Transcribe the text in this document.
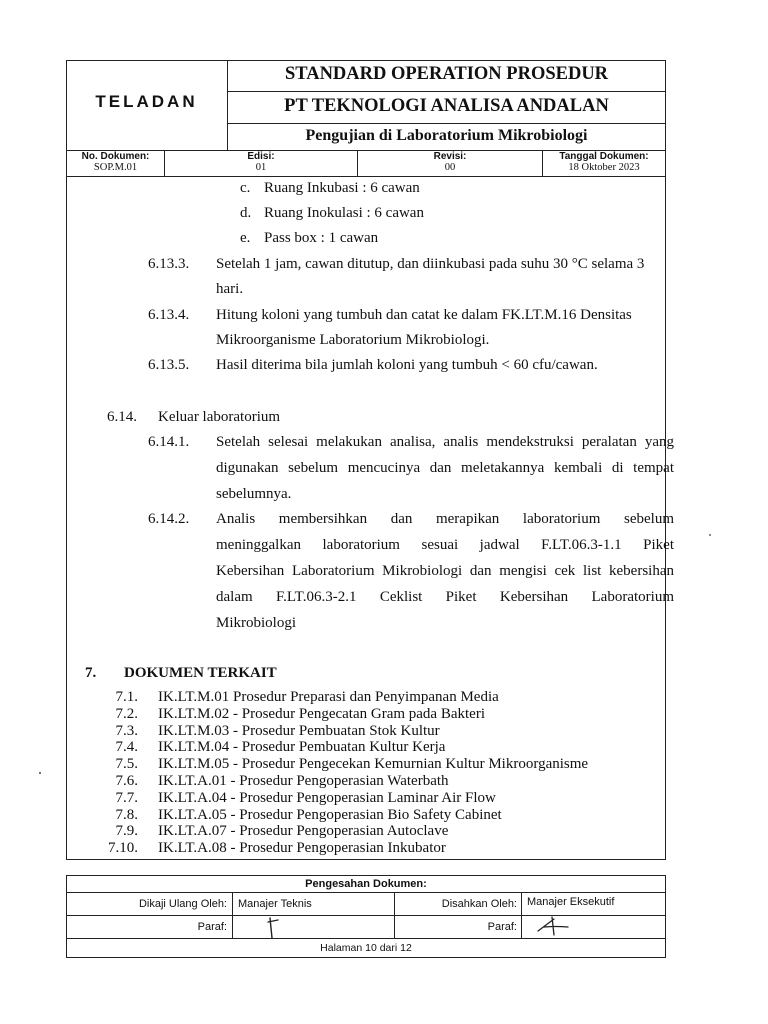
TELADAN
STANDARD OPERATION PROSEDUR
PT TEKNOLOGI ANALISA ANDALAN
Pengujian di Laboratorium Mikrobiologi
No. Dokumen:
SOP.M.01
Edisi:
01
Revisi:
00
Tanggal Dokumen:
18 Oktober 2023
c. Ruang Inkubasi : 6 cawan
d. Ruang Inokulasi : 6 cawan
e. Pass box : 1 cawan
6.13.3. Setelah 1 jam, cawan ditutup, dan diinkubasi pada suhu 30 °C selama 3
hari.
6.13.4. Hitung koloni yang tumbuh dan catat ke dalam FK.LT.M.16 Densitas
Mikroorganisme Laboratorium Mikrobiologi.
6.13.5. Hasil diterima bila jumlah koloni yang tumbuh < 60 cfu/cawan.
6.14. Keluar laboratorium
6.14.1. Setelah selesai melakukan analisa, analis mendekstruksi peralatan yang
digunakan sebelum mencucinya dan meletakannya kembali di tempat
sebelumnya.
6.14.2. Analis membersihkan dan merapikan laboratorium sebelum
meninggalkan laboratorium sesuai jadwal F.LT.06.3-1.1 Piket
Kebersihan Laboratorium Mikrobiologi dan mengisi cek list kebersihan
dalam F.LT.06.3-2.1 Ceklist Piket Kebersihan Laboratorium
Mikrobiologi
7. DOKUMEN TERKAIT
7.1. IK.LT.M.01 Prosedur Preparasi dan Penyimpanan Media
7.2. IK.LT.M.02 - Prosedur Pengecatan Gram pada Bakteri
7.3. IK.LT.M.03 - Prosedur Pembuatan Stok Kultur
7.4. IK.LT.M.04 - Prosedur Pembuatan Kultur Kerja
7.5. IK.LT.M.05 - Prosedur Pengecekan Kemurnian Kultur Mikroorganisme
7.6. IK.LT.A.01 - Prosedur Pengoperasian Waterbath
7.7. IK.LT.A.04 - Prosedur Pengoperasian Laminar Air Flow
7.8. IK.LT.A.05 - Prosedur Pengoperasian Bio Safety Cabinet
7.9. IK.LT.A.07 - Prosedur Pengoperasian Autoclave
7.10. IK.LT.A.08 - Prosedur Pengoperasian Inkubator
Pengesahan Dokumen:
Dikaji Ulang Oleh: Manajer Teknis	Disahkan Oleh: Manajer Eksekutif
Paraf:	Paraf:
Halaman 10 dari 12
